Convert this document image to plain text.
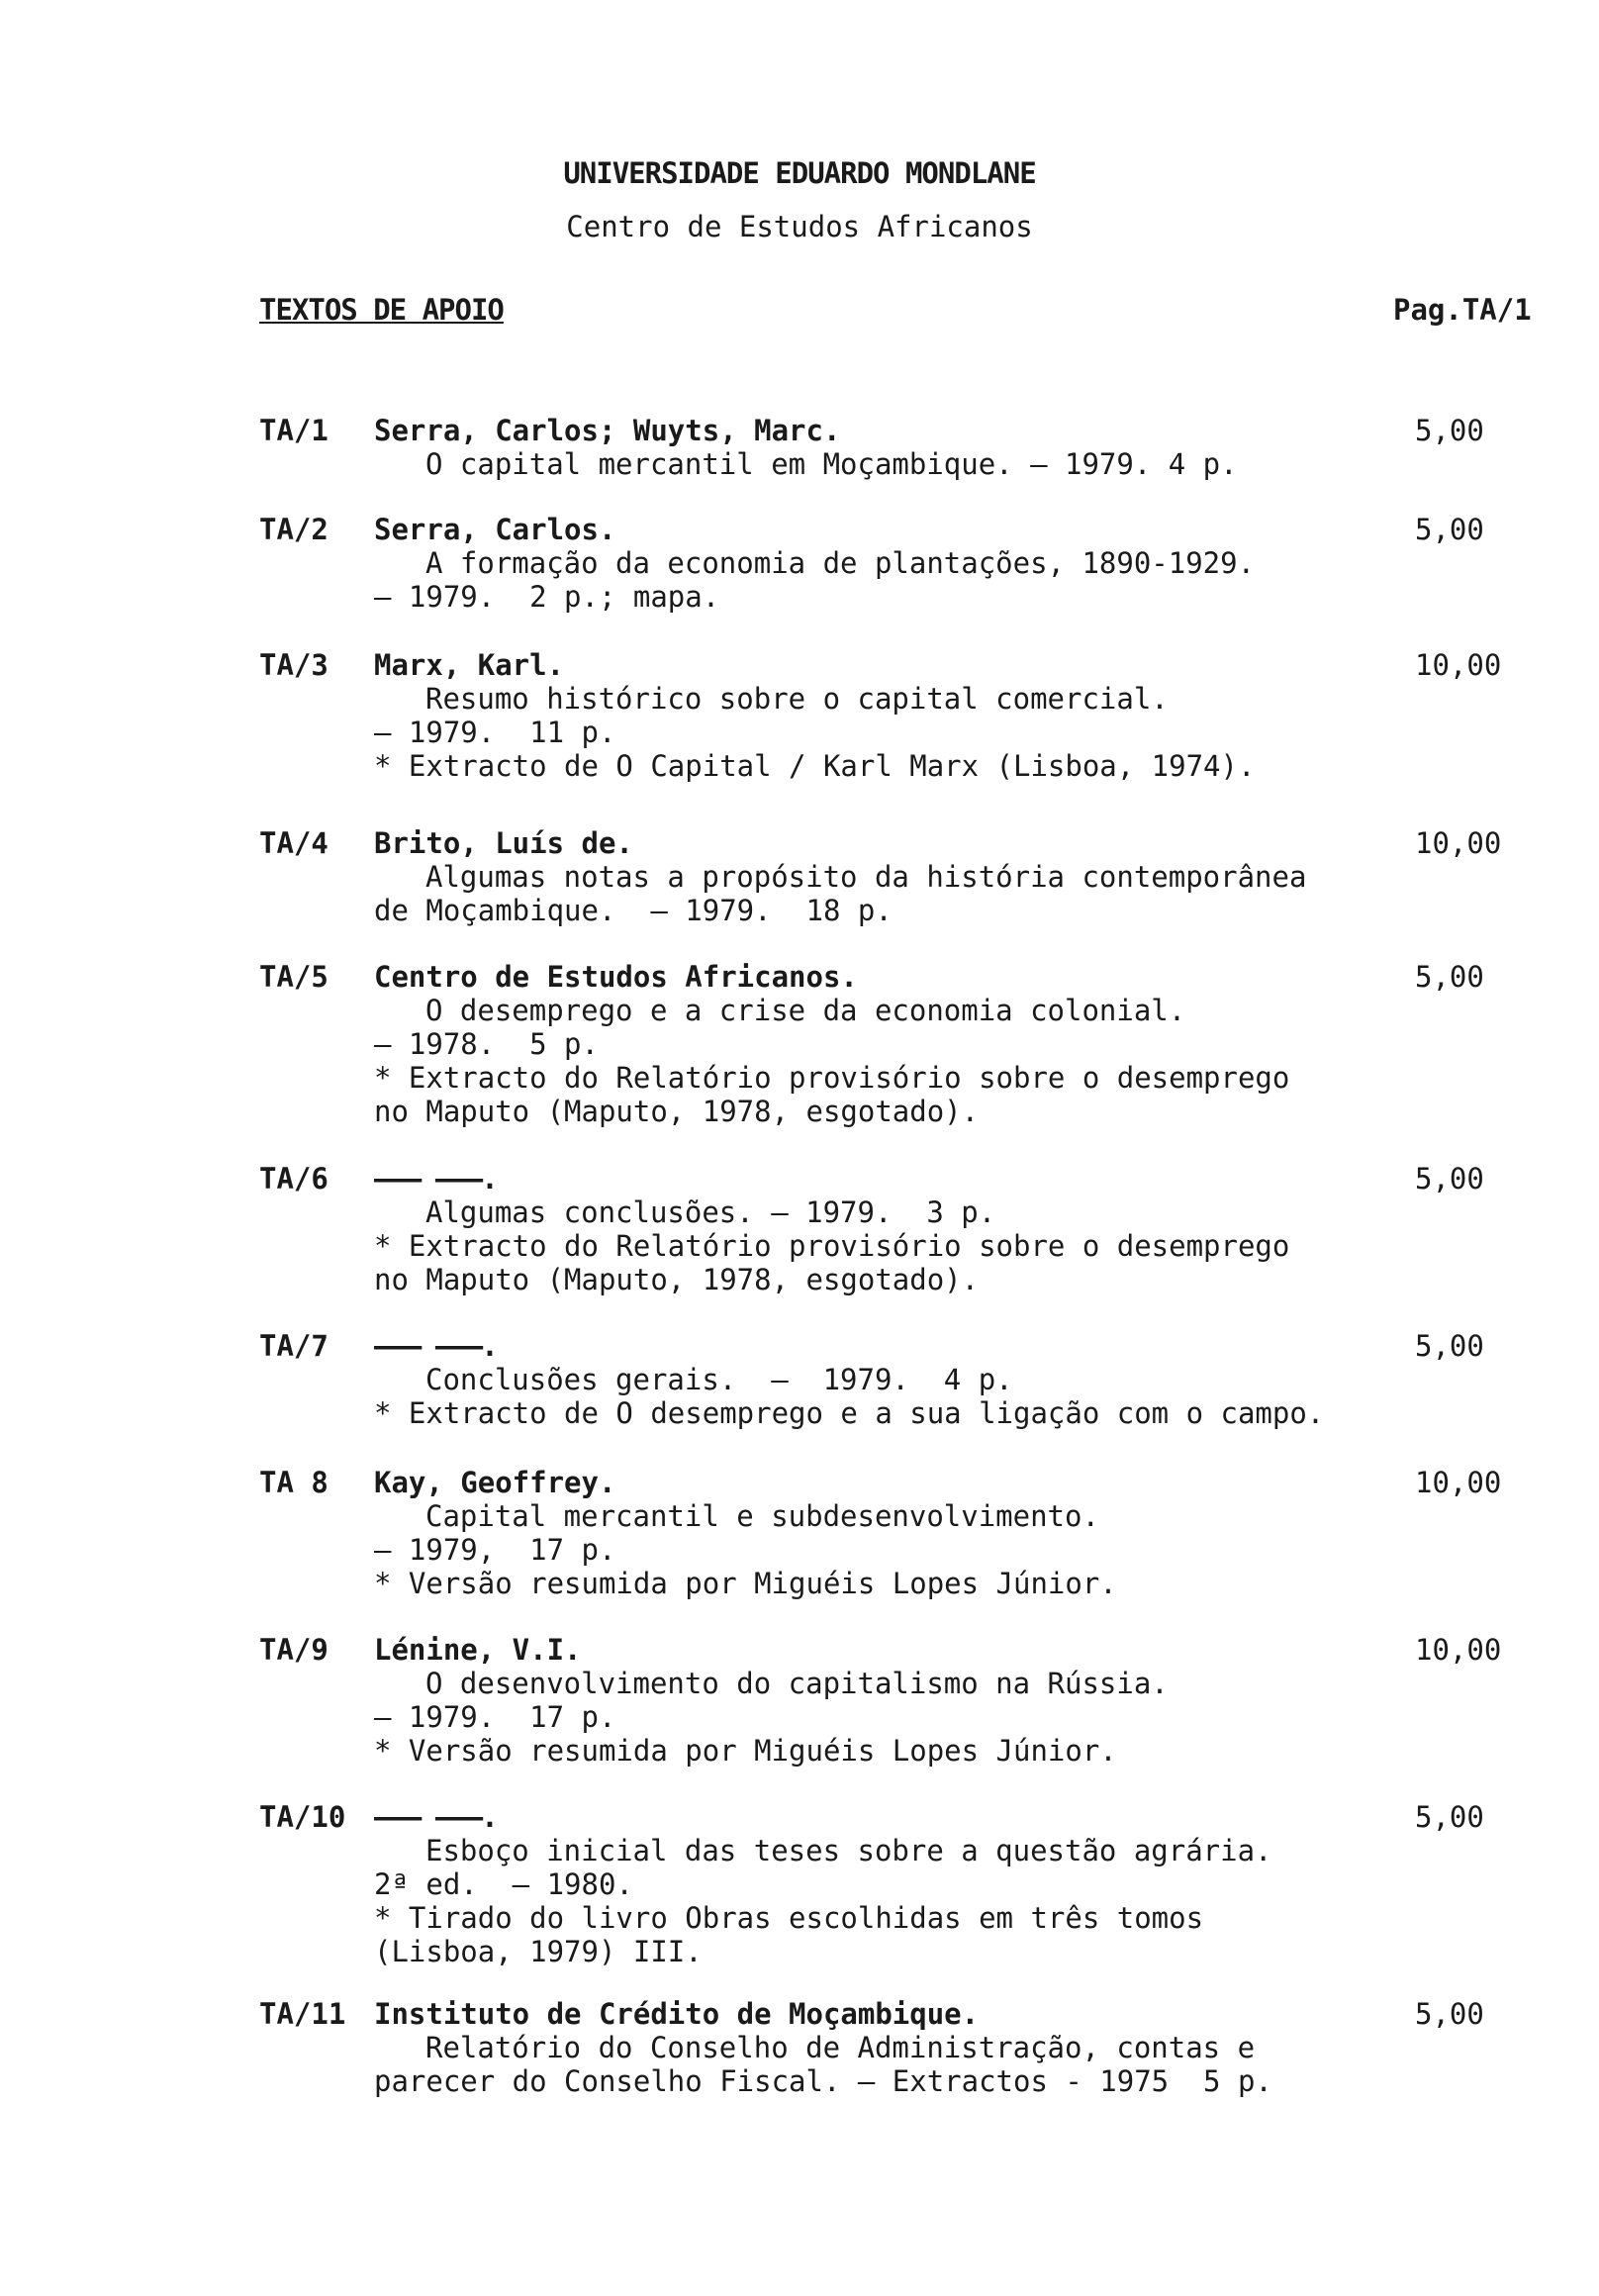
UNIVERSIDADE EDUARDO MONDLANE
Centro de Estudos Africanos
TEXTOS DE APOIO	Pag.TA/1
TA/1 Serra, Carlos; Wuyts, Marc.
O capital mercantil em Moçambique. — 1979. 4 p.
5,00
TA/2 Serra, Carlos.
A formação da economia de plantações, 1890-1929.
— 1979.  2 p.; mapa.
5,00
TA/3 Marx, Karl.
Resumo histórico sobre o capital comercial.
— 1979.  11 p.
* Extracto de O Capital / Karl Marx (Lisboa, 1974).
10,00
TA/4 Brito, Luís de.
Algumas notas a propósito da história contemporânea
de Moçambique.  — 1979.  18 p.
10,00
TA/5 Centro de Estudos Africanos.
O desemprego e a crise da economia colonial.
— 1978.  5 p.
* Extracto do Relatório provisório sobre o desemprego
no Maputo (Maputo, 1978, esgotado).
5,00
TA/6 ——— ———.
Algumas conclusões. — 1979.  3 p.
* Extracto do Relatório provisório sobre o desemprego
no Maputo (Maputo, 1978, esgotado).
5,00
TA/7 ——— ———.
Conclusões gerais.  —  1979.  4 p.
* Extracto de O desemprego e a sua ligação com o campo.
5,00
TA 8 Kay, Geoffrey.
Capital mercantil e subdesenvolvimento.
— 1979,  17 p.
* Versão resumida por Miguéis Lopes Júnior.
10,00
TA/9 Lénine, V.I.
O desenvolvimento do capitalismo na Rússia.
— 1979.  17 p.
* Versão resumida por Miguéis Lopes Júnior.
10,00
TA/10 ——— ———.
Esboço inicial das teses sobre a questão agrária.
2ª ed.  — 1980.
* Tirado do livro Obras escolhidas em três tomos
(Lisboa, 1979) III.
5,00
TA/11 Instituto de Crédito de Moçambique.
Relatório do Conselho de Administração, contas e
parecer do Conselho Fiscal. — Extractos - 1975  5 p.
5,00
